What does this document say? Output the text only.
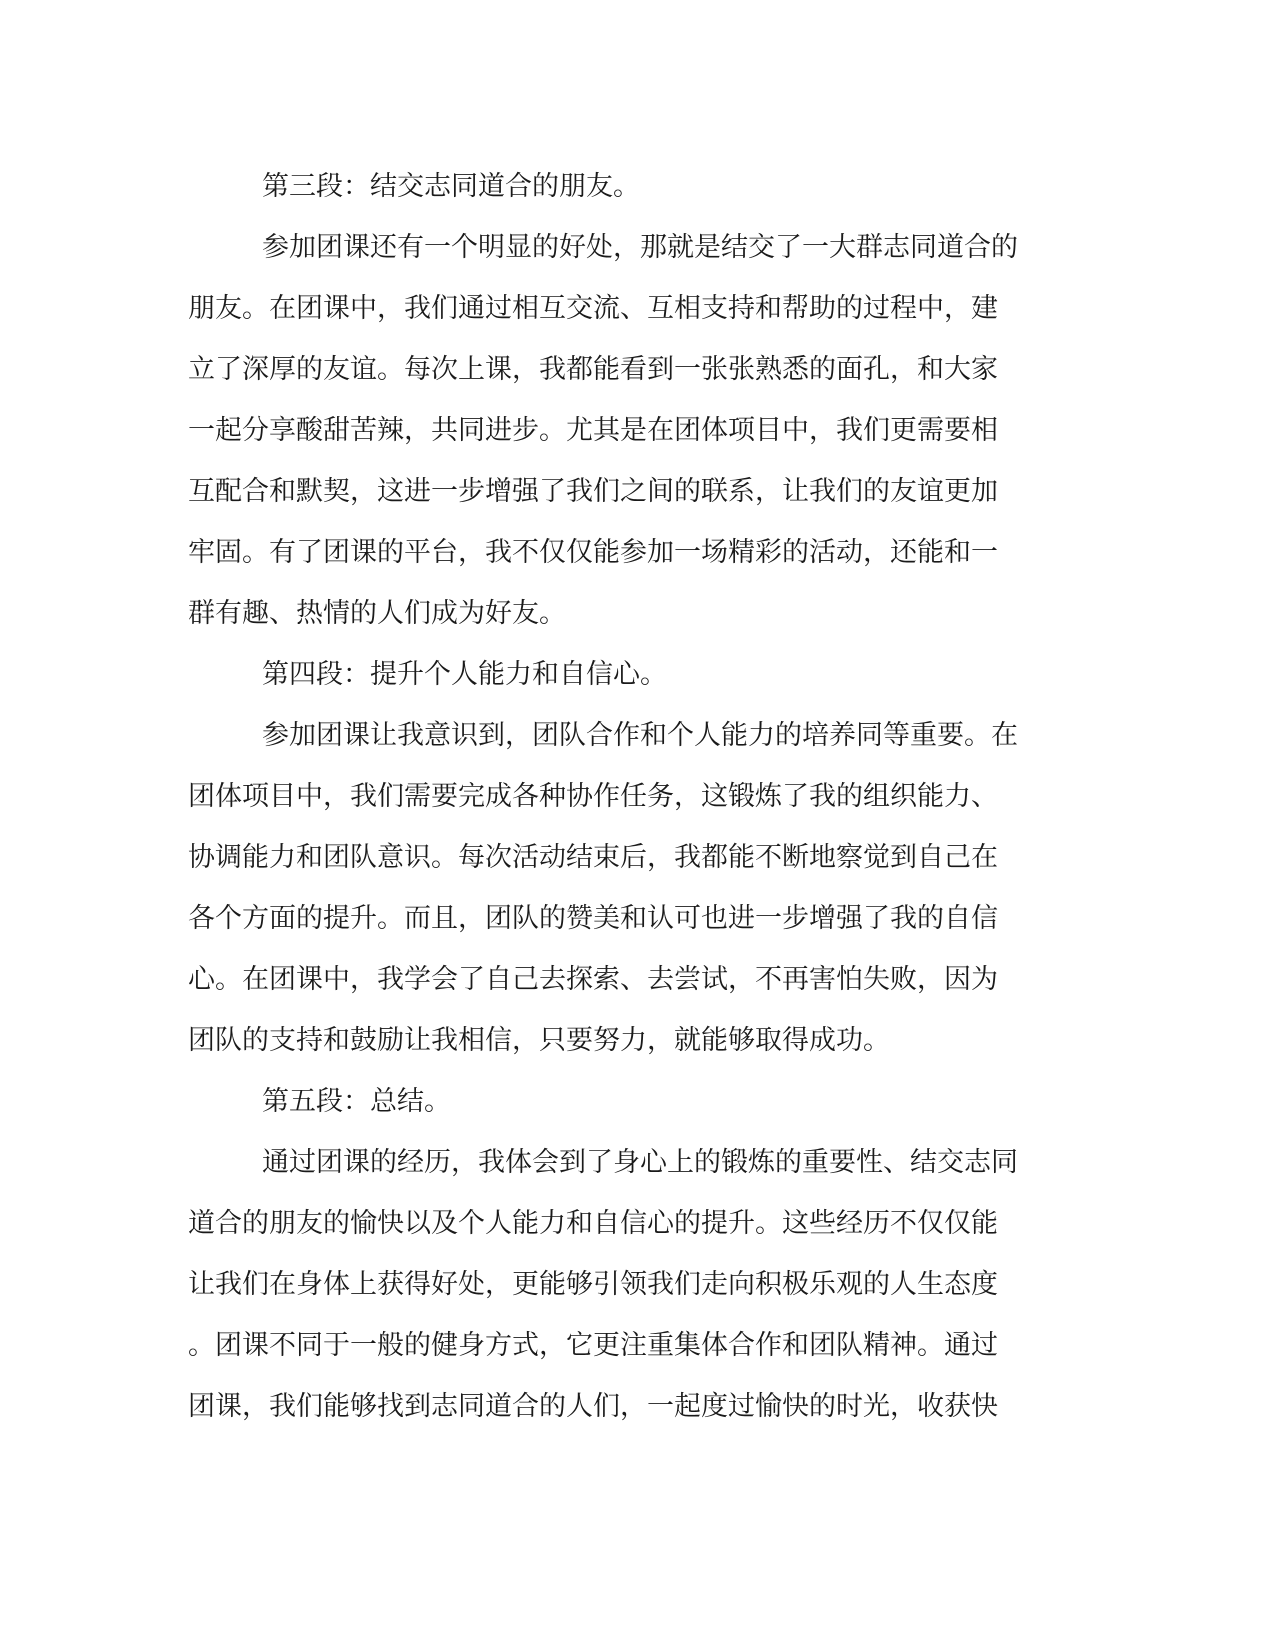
第三段：结交志同道合的朋友。
参加团课还有一个明显的好处，那就是结交了一大群志同道合的
朋友。在团课中，我们通过相互交流、互相支持和帮助的过程中，建
立了深厚的友谊。每次上课，我都能看到一张张熟悉的面孔，和大家
一起分享酸甜苦辣，共同进步。尤其是在团体项目中，我们更需要相
互配合和默契，这进一步增强了我们之间的联系，让我们的友谊更加
牢固。有了团课的平台，我不仅仅能参加一场精彩的活动，还能和一
群有趣、热情的人们成为好友。
第四段：提升个人能力和自信心。
参加团课让我意识到，团队合作和个人能力的培养同等重要。在
团体项目中，我们需要完成各种协作任务，这锻炼了我的组织能力、
协调能力和团队意识。每次活动结束后，我都能不断地察觉到自己在
各个方面的提升。而且，团队的赞美和认可也进一步增强了我的自信
心。在团课中，我学会了自己去探索、去尝试，不再害怕失败，因为
团队的支持和鼓励让我相信，只要努力，就能够取得成功。
第五段：总结。
通过团课的经历，我体会到了身心上的锻炼的重要性、结交志同
道合的朋友的愉快以及个人能力和自信心的提升。这些经历不仅仅能
让我们在身体上获得好处，更能够引领我们走向积极乐观的人生态度
。团课不同于一般的健身方式，它更注重集体合作和团队精神。通过
团课，我们能够找到志同道合的人们，一起度过愉快的时光，收获快
